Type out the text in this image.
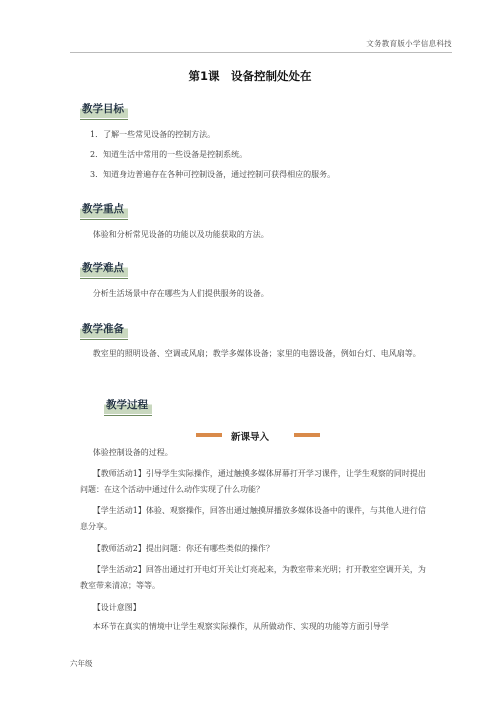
文务教育版小学信息科技
第1课　设备控制处处在
教学目标
1．了解一些常见设备的控制方法。
2．知道生活中常用的一些设备是控制系统。
3．知道身边普遍存在各种可控制设备，通过控制可获得相应的服务。
教学重点
体验和分析常见设备的功能以及功能获取的方法。
教学难点
分析生活场景中存在哪些为人们提供服务的设备。
教学准备
教室里的照明设备、空调或风扇；教学多媒体设备；家里的电器设备，例如台灯、电风扇等。
教学过程
新课导入
体验控制设备的过程。
【教师活动1】引导学生实际操作，通过触摸多媒体屏幕打开学习课件，让学生观察的同时提出问题：在这个活动中通过什么动作实现了什么功能？
【学生活动1】体验、观察操作，回答出通过触摸屏播放多媒体设备中的课件，与其他人进行信息分享。
【教师活动2】提出问题：你还有哪些类似的操作？
【学生活动2】回答出通过打开电灯开关让灯亮起来，为教室带来光明；打开教室空调开关，为教室带来清凉；等等。
【设计意图】
本环节在真实的情境中让学生观察实际操作，从所做动作、实现的功能等方面引导学
六年级
